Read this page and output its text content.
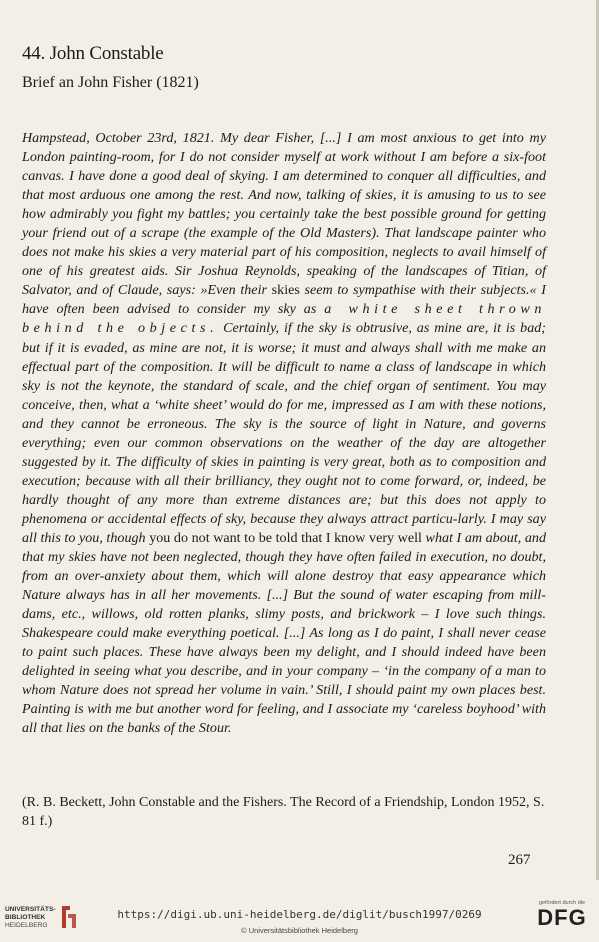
44. John Constable
Brief an John Fisher (1821)

Hampstead, October 23rd, 1821. My dear Fisher, [...] I am most anxious to get into my London painting-room, for I do not consider myself at work without I am before a six-foot canvas. I have done a good deal of skying. I am determined to conquer all difficulties, and that most arduous one among the rest. And now, talking of skies, it is amusing to us to see how admirably you fight my battles; you certainly take the best possible ground for getting your friend out of a scrape (the example of the Old Masters). That landscape painter who does not make his skies a very material part of his composition, neglects to avail himself of one of his greatest aids. Sir Joshua Reynolds, speaking of the landscapes of Titian, of Salvator, and of Claude, says: »Even their skies seem to sympathise with their subjects.« I have often been advised to consider my sky as a white sheet thrown behind the objects. Certainly, if the sky is obtrusive, as mine are, it is bad; but if it is evaded, as mine are not, it is worse; it must and always shall with me make an effectual part of the composition. It will be difficult to name a class of landscape in which sky is not the keynote, the standard of scale, and the chief organ of sentiment. You may conceive, then, what a ‘white sheet’ would do for me, impressed as I am with these notions, and they cannot be erroneous. The sky is the source of light in Nature, and governs everything; even our common observations on the weather of the day are altogether suggested by it. The difficulty of skies in painting is very great, both as to composition and execution; because with all their brilliancy, they ought not to come forward, or, indeed, be hardly thought of any more than extreme distances are; but this does not apply to phenomena or accidental effects of sky, because they always attract particu-larly. I may say all this to you, though you do not want to be told that I know very well what I am about, and that my skies have not been neglected, though they have often failed in execution, no doubt, from an over-anxiety about them, which will alone destroy that easy appearance which Nature always has in all her movements. [...] But the sound of water escaping from mill-dams, etc., willows, old rotten planks, slimy posts, and brickwork – I love such things. Shakespeare could make everything poetical. [...] As long as I do paint, I shall never cease to paint such places. These have always been my delight, and I should indeed have been delighted in seeing what you describe, and in your company – ‘in the company of a man to whom Nature does not spread her volume in vain.’ Still, I should paint my own places best. Painting is with me but another word for feeling, and I associate my ‘careless boyhood’ with all that lies on the banks of the Stour.

(R. B. Beckett, John Constable and the Fishers. The Record of a Friendship, London 1952, S. 81 f.)

267
UNIVERSITÄTS-
BIBLIOTHEK
HEIDELBERG
https://digi.ub.uni-heidelberg.de/diglit/busch1997/0269
© Universitätsbibliothek Heidelberg
gefördert durch die
DFG
